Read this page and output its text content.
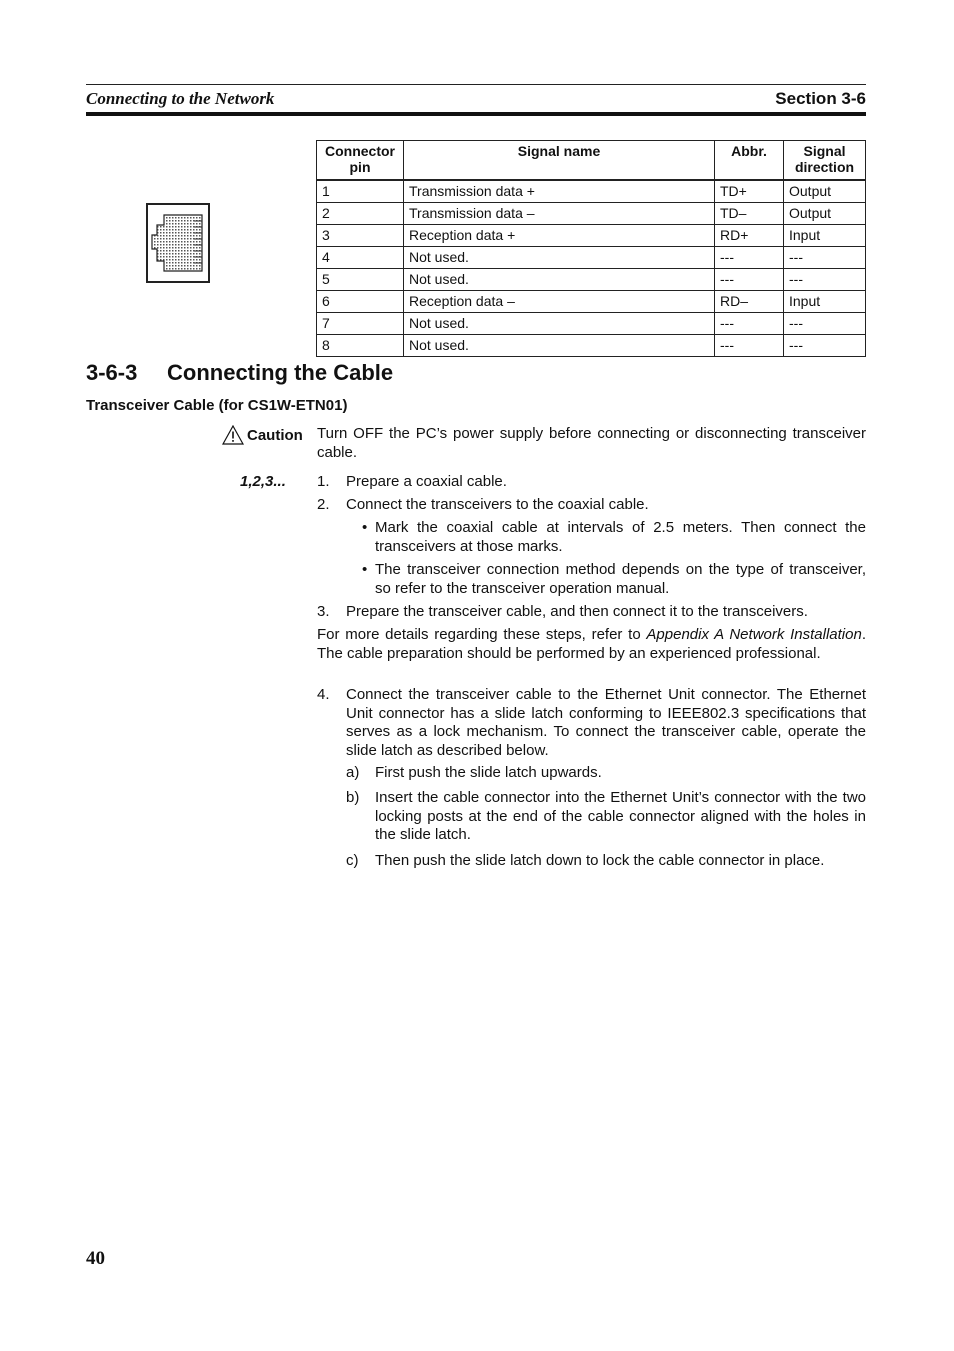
Connecting to the Network	Section 3-6
Connector pin	Signal name	Abbr.	Signal direction
1	Transmission data +	TD+	Output
2	Transmission data –	TD–	Output
3	Reception data +	RD+	Input
4	Not used.	---	---
5	Not used.	---	---
6	Reception data –	RD–	Input
7	Not used.	---	---
8	Not used.	---	---
3-6-3 Connecting the Cable
Transceiver Cable (for CS1W-ETN01)
Caution Turn OFF the PC’s power supply before connecting or disconnecting transceiver cable.
1,2,3... 1. Prepare a coaxial cable.
2. Connect the transceivers to the coaxial cable.
• Mark the coaxial cable at intervals of 2.5 meters. Then connect the transceivers at those marks.
• The transceiver connection method depends on the type of transceiver, so refer to the transceiver operation manual.
3. Prepare the transceiver cable, and then connect it to the transceivers.
For more details regarding these steps, refer to Appendix A Network Installation. The cable preparation should be performed by an experienced professional.
4. Connect the transceiver cable to the Ethernet Unit connector. The Ethernet Unit connector has a slide latch conforming to IEEE802.3 specifications that serves as a lock mechanism. To connect the transceiver cable, operate the slide latch as described below.
a) First push the slide latch upwards.
b) Insert the cable connector into the Ethernet Unit’s connector with the two locking posts at the end of the cable connector aligned with the holes in the slide latch.
c) Then push the slide latch down to lock the cable connector in place.
40
